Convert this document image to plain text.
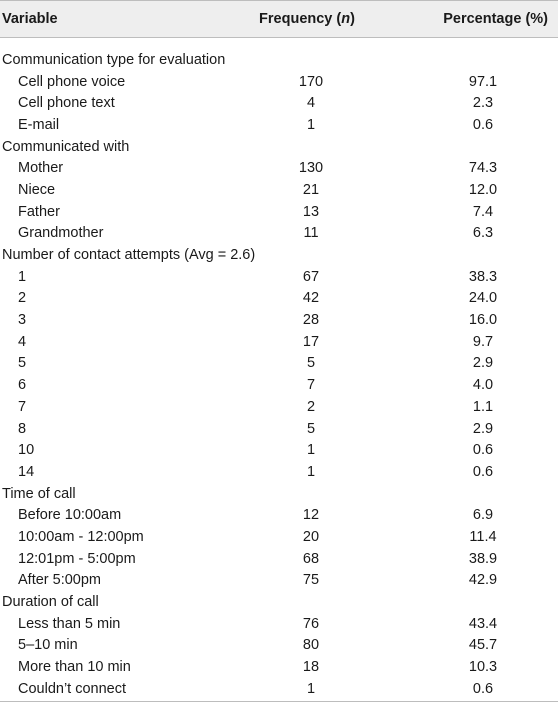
Variable	Frequency (n)	Percentage (%)
Communication type for evaluation
Cell phone voice	170	97.1
Cell phone text	4	2.3
E-mail	1	0.6
Communicated with
Mother	130	74.3
Niece	21	12.0
Father	13	7.4
Grandmother	11	6.3
Number of contact attempts (Avg = 2.6)
1	67	38.3
2	42	24.0
3	28	16.0
4	17	9.7
5	5	2.9
6	7	4.0
7	2	1.1
8	5	2.9
10	1	0.6
14	1	0.6
Time of call
Before 10:00am	12	6.9
10:00am - 12:00pm	20	11.4
12:01pm - 5:00pm	68	38.9
After 5:00pm	75	42.9
Duration of call
Less than 5 min	76	43.4
5–10 min	80	45.7
More than 10 min	18	10.3
Couldn’t connect	1	0.6
